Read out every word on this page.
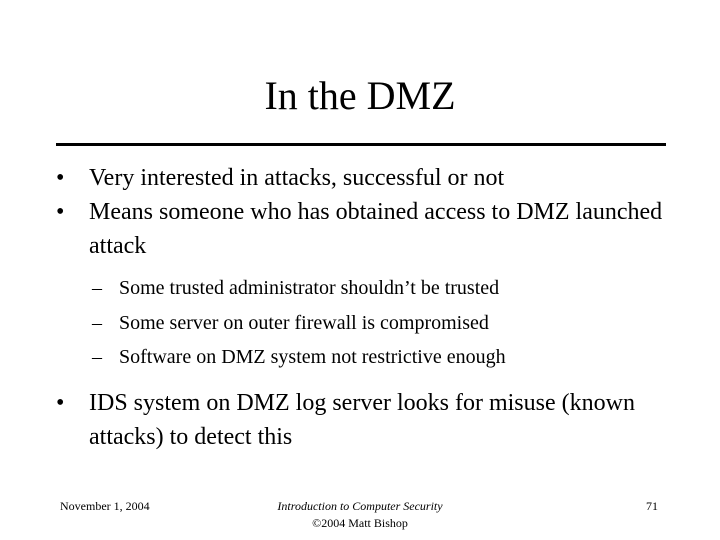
In the DMZ
• Very interested in attacks, successful or not
• Means someone who has obtained access to DMZ launched attack
– Some trusted administrator shouldn’t be trusted
– Some server on outer firewall is compromised
– Software on DMZ system not restrictive enough
• IDS system on DMZ log server looks for misuse (known attacks) to detect this
November 1, 2004	Introduction to Computer Security
©2004 Matt Bishop
71
